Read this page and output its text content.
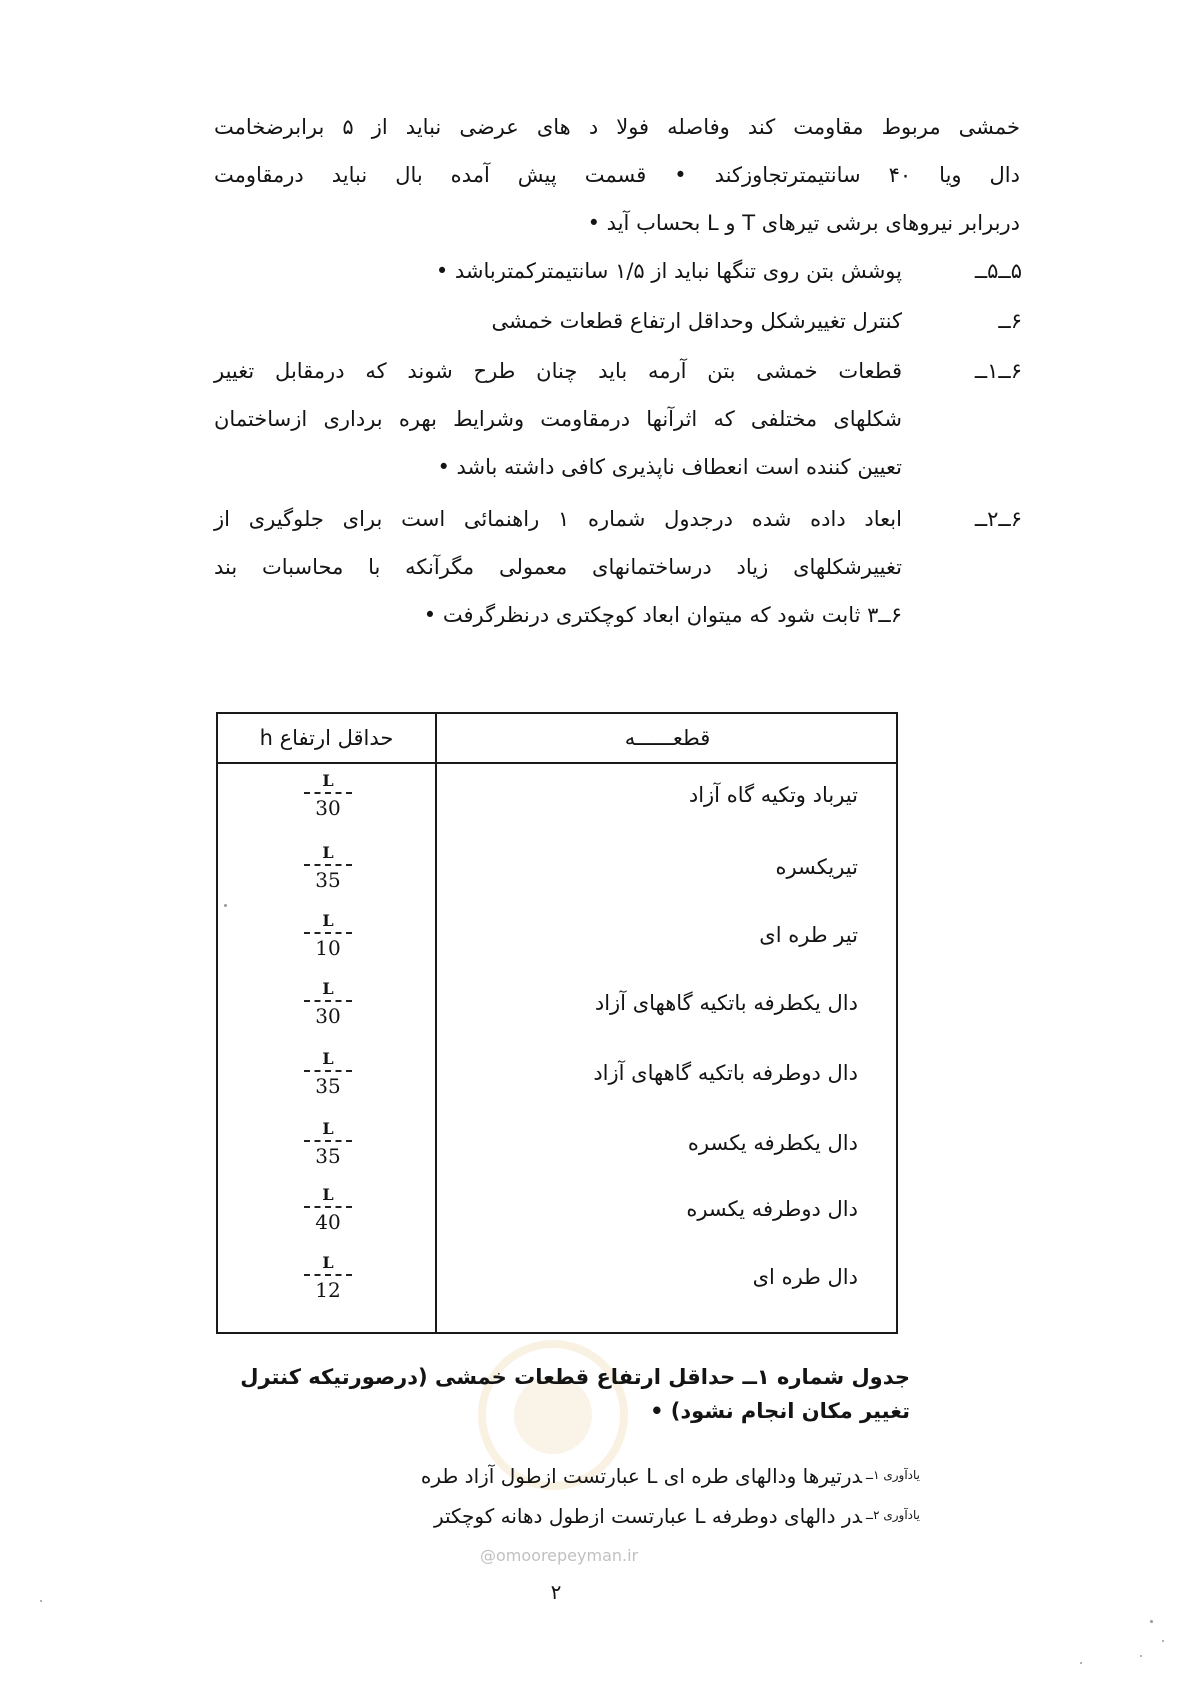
خمشی مربوط مقاومت کند وفاصله فولا د های عرضی نباید از ۵ برابرضخامت
دال ویا ۴۰ سانتیمترتجاوزکند • قسمت پیش آمده بال نباید درمقاومت
دربرابر نیروهای برشی تیرهای T و L بحساب آید •
۵ــ۵ــ
پوشش بتن روی تنگها نباید از ۱/۵ سانتیمترکمترباشد •
۶ــ
کنترل تغییرشکل وحداقل ارتفاع قطعات خمشی
۶ــ۱ــ
قطعات خمشی بتن آرمه باید چنان طرح شوند که درمقابل تغییر
شکلهای مختلفی که اثرآنها درمقاومت وشرایط بهره برداری ازساختمان
تعیین کننده است انعطاف ناپذیری کافی داشته باشد •
۶ــ۲ــ
ابعاد داده شده درجدول شماره ۱ راهنمائی است برای جلوگیری از
تغییرشکلهای زیاد درساختمانهای معمولی مگرآنکه با محاسبات بند
۶ــ۳ ثابت شود که میتوان ابعاد کوچکتری درنظرگرفت •
حداقل ارتفاع h	قطعــــــه
L
30
تیرباد وتکیه گاه آزاد
L
35
تیریکسره
L
10
تیر طره ای
L
30
دال یکطرفه باتکیه گاههای آزاد
L
35
دال دوطرفه باتکیه گاههای آزاد
L
35
دال یکطرفه یکسره
L
40
دال دوطرفه یکسره
L
12
دال طره ای
جدول شماره ۱ــ حداقل ارتفاع قطعات خمشی (درصورتیکه کنترل تغییر مکان انجام نشود) •
$^{یادآوری ۱ــ}$درتیرها ودالهای طره ای L عبارتست ازطول آزاد طره
$^{یادآوری ۲ــ}$در دالهای دوطرفه L عبارتست ازطول دهانه کوچکتر
@omoorepeyman.ir
۲
